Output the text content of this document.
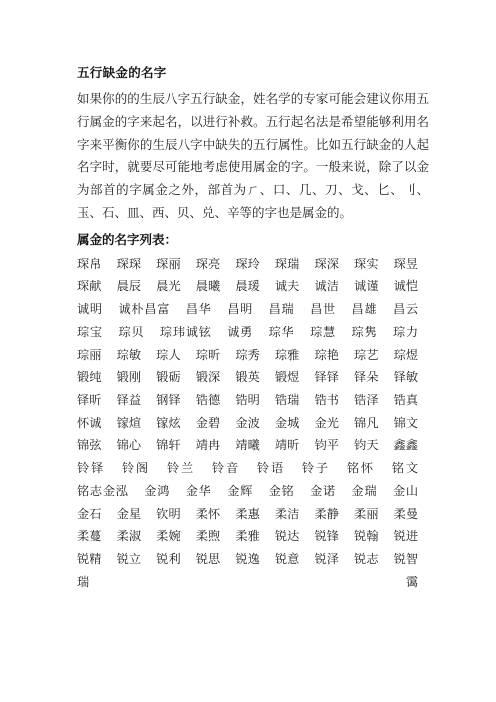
五行缺金的名字

如果你的的生辰八字五行缺金，姓名学的专家可能会建议你用五行属金的字来起名，以进行补救。五行起名法是希望能够利用名字来平衡你的生辰八字中缺失的五行属性。比如五行缺金的人起名字时，就要尽可能地考虑使用属金的字。一般来说，除了以金为部首的字属金之外，部首为ㄏ、口、几、刀、戈、匕、刂、玉、石、皿、西、贝、兑、辛等的字也是属金的。

属金的名字列表：

琛帛 琛琛 琛丽 琛亮 琛玲 琛瑞 琛深 琛实 琛昱 琛献 晨辰 晨光 晨曦 晨瑗 诚夫 诚洁 诚谨 诚恺 诚明 诚朴昌富 昌华 昌明 昌瑞 昌世 昌雄 昌云 琮宝 琮贝 琮玮诚铉 诚勇 琮华 琮慧 琮隽 琮力 琮丽 琮敏 琮人 琮昕 琮秀 琮雅 琮艳 琮艺 琮煜 锻纯 锻刚 锻砺 锻深 锻英 锻煜 铎铎 铎朵 铎敏 铎昕 铎益 钢铎 锆德 锆明 锆瑞 锆书 锆泽 锆真 怀诚 镓煊 镓炫 金碧 金波 金城 金光 锦凡 锦文 锦弦 锦心 锦轩 靖冉 靖曦 靖昕 钧平 钧天 鑫鑫 铃铎 铃阁 铃兰 铃音 铃语 铃子 铭怀 铭文 铭志金泓 金鸿 金华 金辉 金铭 金诺 金瑞 金山 金石 金星 钦明 柔怀 柔惠 柔洁 柔静 柔丽 柔曼 柔蔓 柔淑 柔婉 柔煦 柔雅 锐达 锐锋 锐翰 锐进 锐精 锐立 锐利 锐思 锐逸 锐意 锐泽 锐志 锐智 瑞霭
